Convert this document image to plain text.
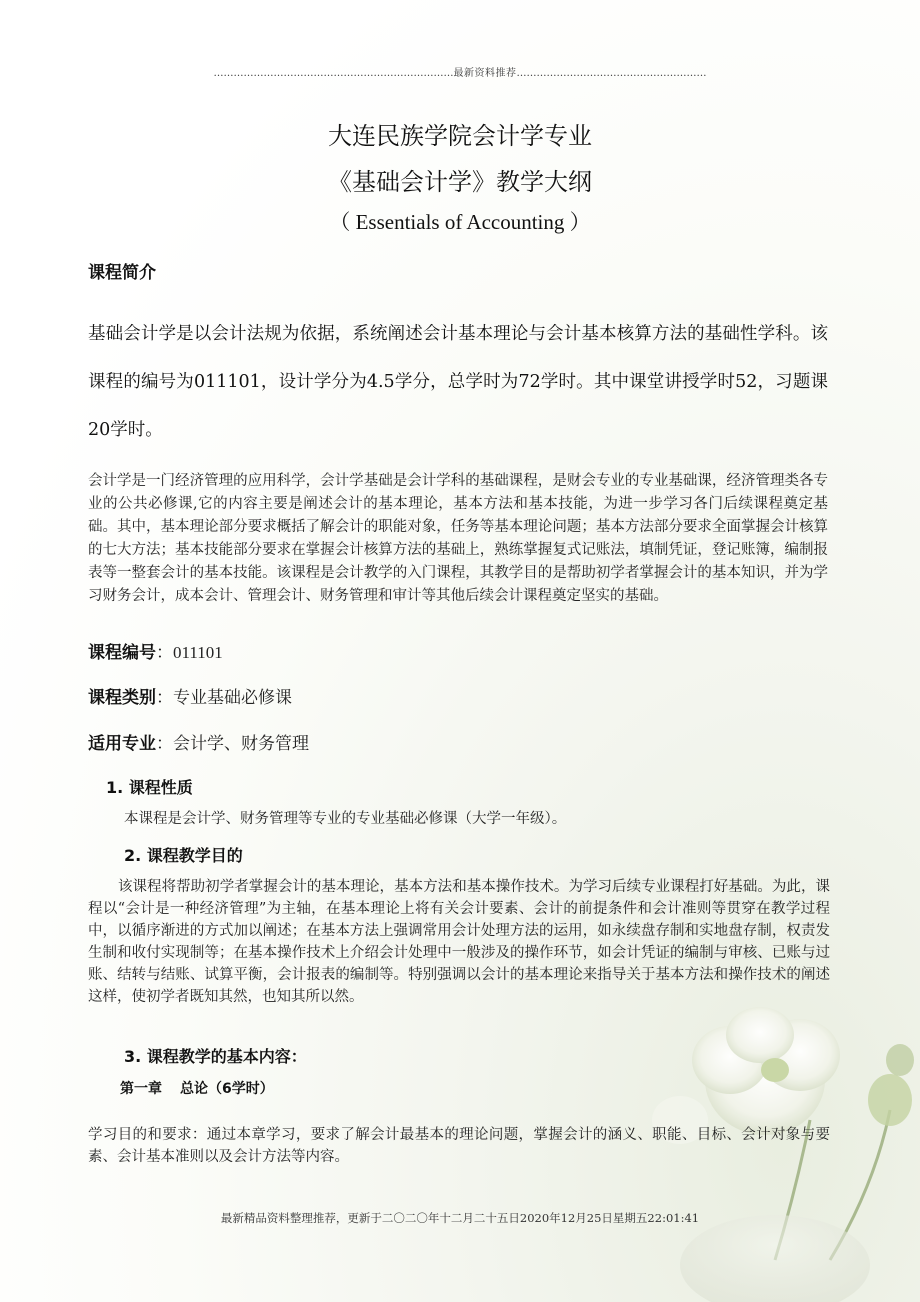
………………………………………………………………最新资料推荐…………………………………………………
大连民族学院会计学专业
《基础会计学》教学大纲
（ Essentials of Accounting ）
课程简介
基础会计学是以会计法规为依据，系统阐述会计基本理论与会计基本核算方法的基础性学科。该课程的编号为011101，设计学分为4.5学分，总学时为72学时。其中课堂讲授学时52，习题课20学时。
会计学是一门经济管理的应用科学，会计学基础是会计学科的基础课程，是财会专业的专业基础课，经济管理类各专业的公共必修课,它的内容主要是阐述会计的基本理论，基本方法和基本技能，为进一步学习各门后续课程奠定基础。其中，基本理论部分要求概括了解会计的职能对象，任务等基本理论问题；基本方法部分要求全面掌握会计核算的七大方法；基本技能部分要求在掌握会计核算方法的基础上，熟练掌握复式记账法，填制凭证，登记账簿，编制报表等一整套会计的基本技能。该课程是会计教学的入门课程，其教学目的是帮助初学者掌握会计的基本知识，并为学习财务会计，成本会计、管理会计、财务管理和审计等其他后续会计课程奠定坚实的基础。
课程编号：011101
课程类别：专业基础必修课
适用专业：会计学、财务管理
1. 课程性质
本课程是会计学、财务管理等专业的专业基础必修课（大学一年级）。
2. 课程教学目的
该课程将帮助初学者掌握会计的基本理论，基本方法和基本操作技术。为学习后续专业课程打好基础。为此，课程以“会计是一种经济管理”为主轴，在基本理论上将有关会计要素、会计的前提条件和会计准则等贯穿在教学过程中，以循序渐进的方式加以阐述；在基本方法上强调常用会计处理方法的运用，如永续盘存制和实地盘存制，权责发生制和收付实现制等；在基本操作技术上介绍会计处理中一般涉及的操作环节，如会计凭证的编制与审核、已账与过账、结转与结账、试算平衡，会计报表的编制等。特别强调以会计的基本理论来指导关于基本方法和操作技术的阐述这样，使初学者既知其然，也知其所以然。
3. 课程教学的基本内容：
第一章 总论（6学时）
学习目的和要求：通过本章学习，要求了解会计最基本的理论问题，掌握会计的涵义、职能、目标、会计对象与要素、会计基本准则以及会计方法等内容。
最新精品资料整理推荐，更新于二〇二〇年十二月二十五日2020年12月25日星期五22:01:41
